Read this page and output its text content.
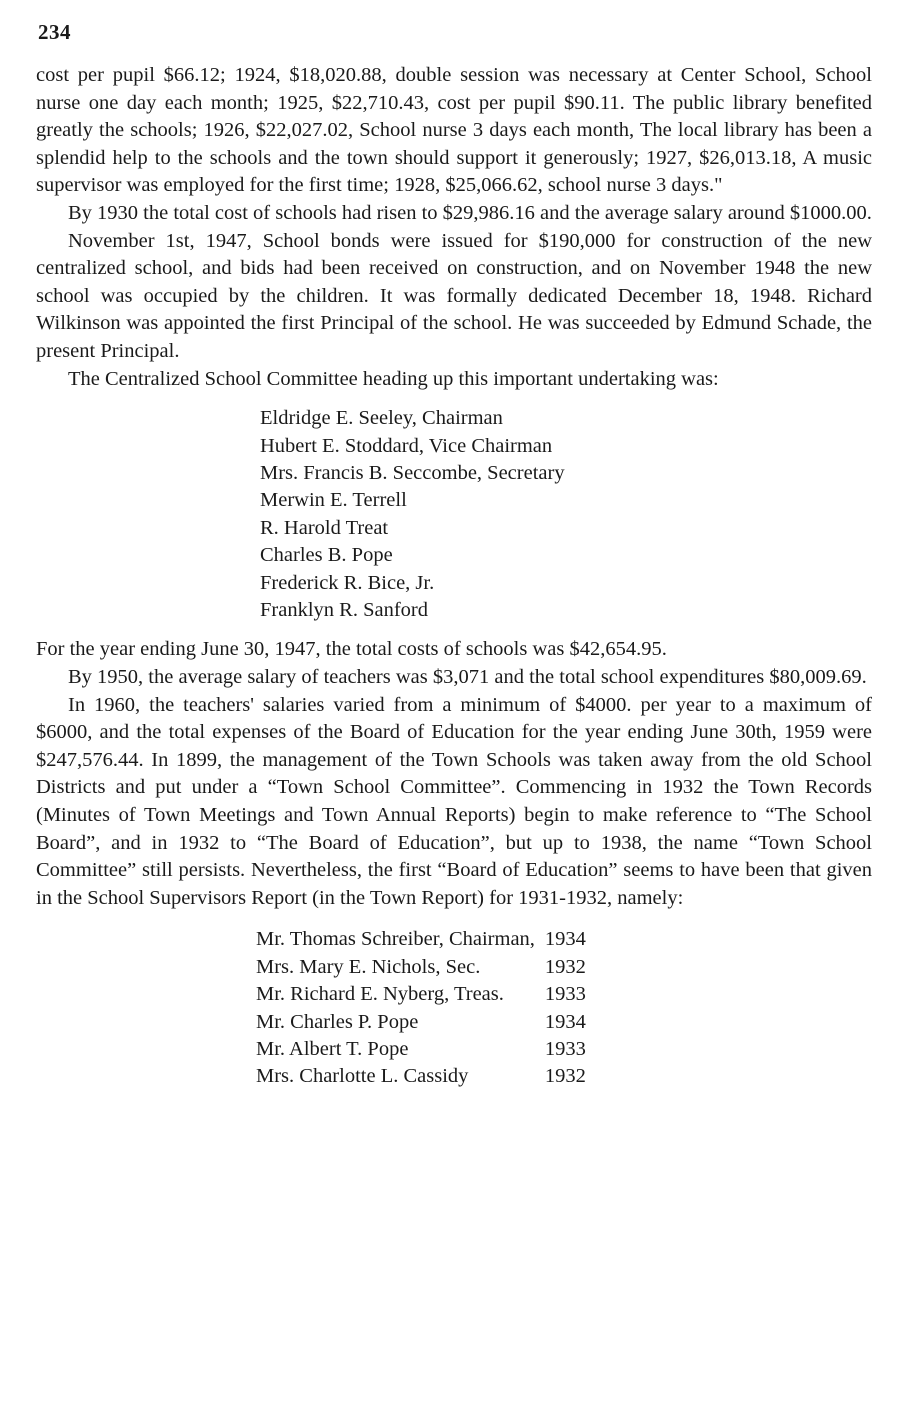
234

cost per pupil $66.12; 1924, $18,020.88, double session was necessary at Center School, School nurse one day each month; 1925, $22,710.43, cost per pupil $90.11. The public library benefited greatly the schools; 1926, $22,027.02, School nurse 3 days each month, The local library has been a splendid help to the schools and the town should support it generously; 1927, $26,013.18, A music supervisor was employed for the first time; 1928, $25,066.62, school nurse 3 days."

By 1930 the total cost of schools had risen to $29,986.16 and the average salary around $1000.00.

November 1st, 1947, School bonds were issued for $190,000 for construction of the new centralized school, and bids had been received on construction, and on November 1948 the new school was occupied by the children. It was formally dedicated December 18, 1948. Richard Wilkinson was appointed the first Principal of the school. He was succeeded by Edmund Schade, the present Principal.

The Centralized School Committee heading up this important undertaking was:

Eldridge E. Seeley, Chairman
Hubert E. Stoddard, Vice Chairman
Mrs. Francis B. Seccombe, Secretary
Merwin E. Terrell
R. Harold Treat
Charles B. Pope
Frederick R. Bice, Jr.
Franklyn R. Sanford

For the year ending June 30, 1947, the total costs of schools was $42,654.95.

By 1950, the average salary of teachers was $3,071 and the total school expenditures $80,009.69.

In 1960, the teachers' salaries varied from a minimum of $4000. per year to a maximum of $6000, and the total expenses of the Board of Education for the year ending June 30th, 1959 were $247,576.44. In 1899, the management of the Town Schools was taken away from the old School Districts and put under a “Town School Committee”. Commencing in 1932 the Town Records (Minutes of Town Meetings and Town Annual Reports) begin to make reference to “The School Board”, and in 1932 to “The Board of Education”, but up to 1938, the name “Town School Committee” still persists. Nevertheless, the first “Board of Education” seems to have been that given in the School Supervisors Report (in the Town Report) for 1931-1932, namely:

Mr. Thomas Schreiber, Chairman,	1934
Mrs. Mary E. Nichols, Sec.	1932
Mr. Richard E. Nyberg, Treas.	1933
Mr. Charles P. Pope	1934
Mr. Albert T. Pope	1933
Mrs. Charlotte L. Cassidy	1932
